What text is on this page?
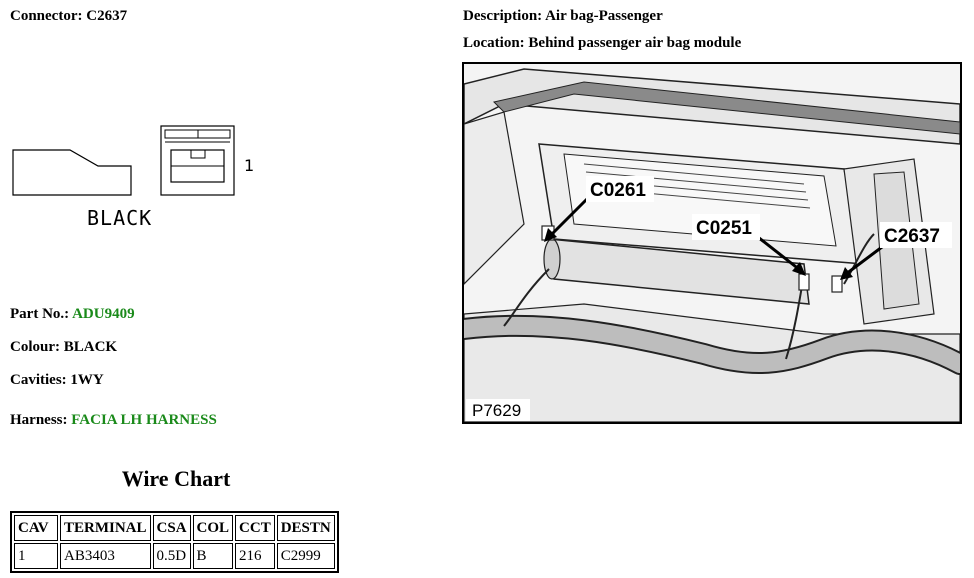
Connector: C2637
1
BLACK
Description: Air bag-Passenger
Location: Behind passenger air bag module
C0261
C0251	C2637
P7629
Part No.: ADU9409
Colour: BLACK
Cavities: 1WY
Harness: FACIA LH HARNESS
Wire Chart
CAV	TERMINAL	CSA	COL	CCT	DESTN
1	AB3403	0.5D	B	216	C2999
